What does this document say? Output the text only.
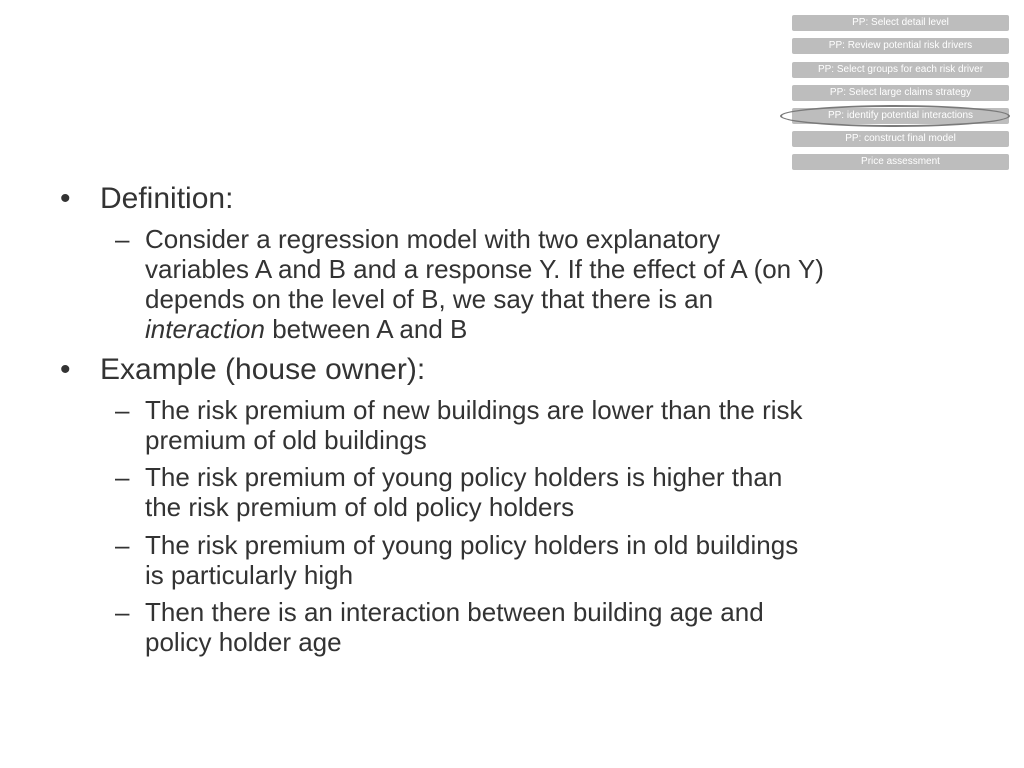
PP: Select detail level
PP: Review potential risk drivers
PP: Select groups for each risk driver
PP: Select large claims strategy
PP: identify potential interactions
PP: construct final model
Price assessment
• Definition:
– Consider a regression model with two explanatory
variables A and B and a response Y. If the effect of A (on Y)
depends on the level of B, we say that there is an
interaction between A and B
• Example (house owner):
– The risk premium of new buildings are lower than the risk
premium of old buildings
– The risk premium of young policy holders is higher than
the risk premium of old policy holders
– The risk premium of young policy holders in old buildings
is particularly high
– Then there is an interaction between building age and
policy holder age
